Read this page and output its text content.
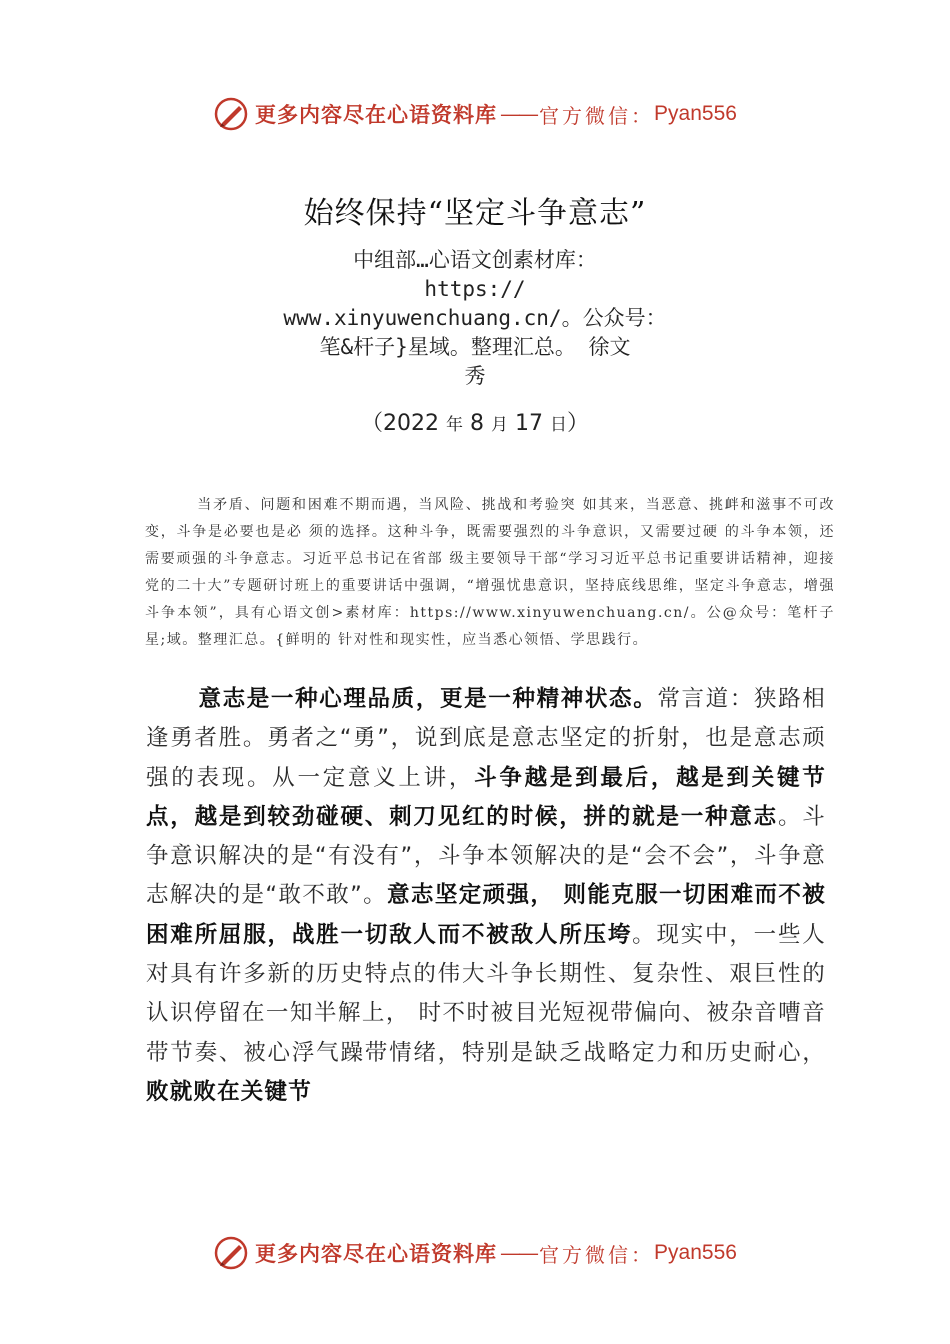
更多内容尽在心语资料库 —— 官方微信： Pyan556
始终保持“坚定斗争意志”
中组部…心语文创素材库：
https://
www.xinyuwenchuang.cn/。公众号：
笔&杆子}星域。整理汇总。 徐文
秀
（2022 年 8 月 17 日）
当矛盾、问题和困难不期而遇，当风险、挑战和考验突 如其来，当恶意、挑衅和滋事不可改变，斗争是必要也是必 须的选择。这种斗争，既需要强烈的斗争意识，又需要过硬 的斗争本领，还需要顽强的斗争意志。习近平总书记在省部 级主要领导干部“学习习近平总书记重要讲话精神，迎接党的二十大”专题研讨班上的重要讲话中强调，“增强忧患意识，坚持底线思维，坚定斗争意志，增强斗争本领”，具有心语文创>素材库：https://www.xinyuwenchuang.cn/。公@众号：笔杆子星;域。整理汇总。{鲜明的 针对性和现实性，应当悉心领悟、学思践行。
意志是一种心理品质，更是一种精神状态。常言道：狭路相逢勇者胜。勇者之“勇”，说到底是意志坚定的折射，也是意志顽强的表现。从一定意义上讲，斗争越是到最后，越是到关键节点，越是到较劲碰硬、刺刀见红的时候，拼的就是一种意志。斗争意识解决的是“有没有”，斗争本领解决的是“会不会”，斗争意志解决的是“敢不敢”。意志坚定顽强， 则能克服一切困难而不被困难所屈服，战胜一切敌人而不被敌人所压垮。现实中，一些人对具有许多新的历史特点的伟大斗争长期性、复杂性、艰巨性的认识停留在一知半解上， 时不时被目光短视带偏向、被杂音嘈音带节奏、被心浮气躁带情绪，特别是缺乏战略定力和历史耐心，败就败在关键节
更多内容尽在心语资料库 —— 官方微信： Pyan556
